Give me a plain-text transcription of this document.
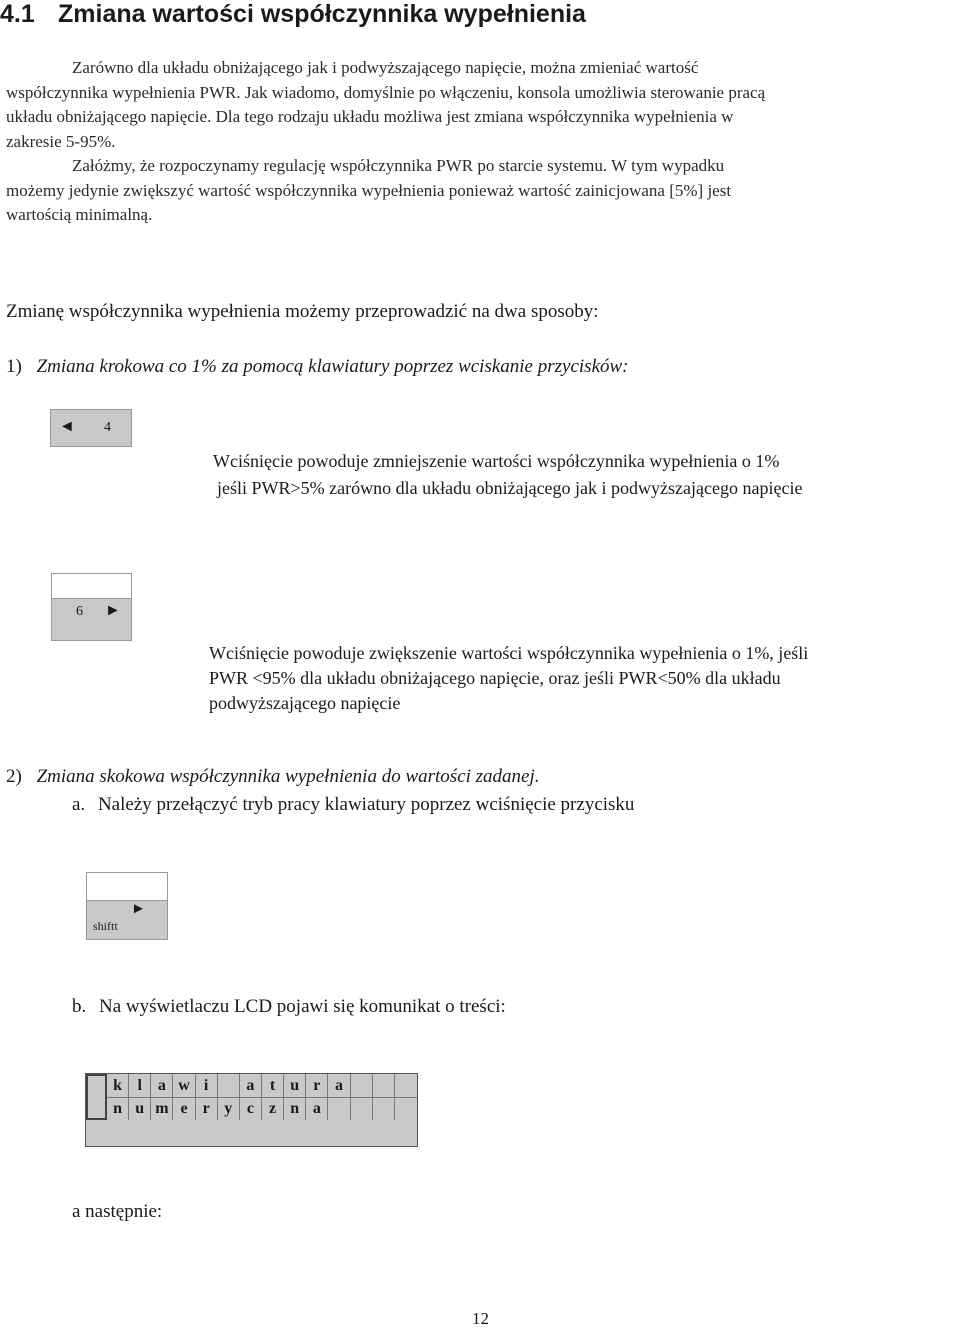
4.1 Zmiana wartości współczynnika wypełnienia
Zarówno dla układu obniżającego jak i podwyższającego napięcie, można zmieniać wartość
współczynnika wypełnienia PWR. Jak wiadomo, domyślnie po włączeniu, konsola umożliwia sterowanie pracą
układu obniżającego napięcie. Dla tego rodzaju układu możliwa jest zmiana współczynnika wypełnienia w
zakresie 5-95%.
Załóżmy, że rozpoczynamy regulację współczynnika PWR po starcie systemu. W tym wypadku
możemy jedynie zwiększyć wartość współczynnika wypełnienia ponieważ wartość zainicjowana [5%] jest
wartością minimalną.
Zmianę współczynnika wypełnienia możemy przeprowadzić na dwa sposoby:
1) Zmiana krokowa co 1% za pomocą klawiatury poprzez wciskanie przycisków:
◄ 4
Wciśnięcie powoduje zmniejszenie wartości współczynnika wypełnienia o 1%
jeśli PWR>5% zarówno dla układu obniżającego jak i podwyższającego napięcie
6 ►
Wciśnięcie powoduje zwiększenie wartości współczynnika wypełnienia o 1%, jeśli
PWR <95% dla układu obniżającego napięcie, oraz jeśli PWR<50% dla układu
podwyższającego napięcie
2) Zmiana skokowa współczynnika wypełnienia do wartości zadanej.
a. Należy przełączyć tryb pracy klawiatury poprzez wciśnięcie przycisku
►
shiftt
b. Na wyświetlaczu LCD pojawi się komunikat o treści:
k l a w i	a t u r a
n u m e r y c z n a
a następnie:
12
